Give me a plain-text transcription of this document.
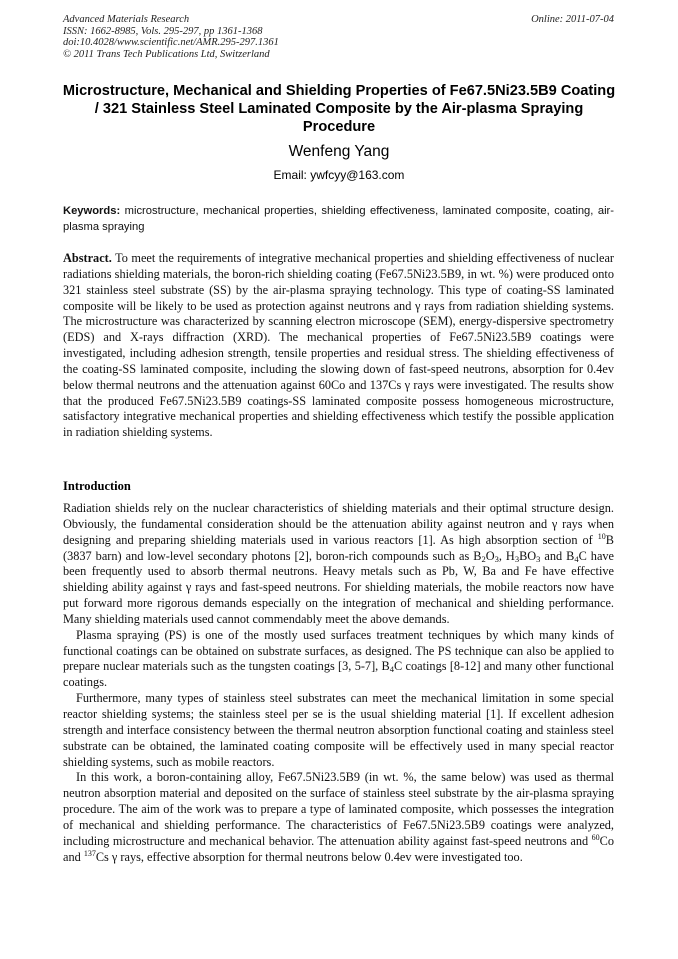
Advanced Materials Research
ISSN: 1662-8985, Vols. 295-297, pp 1361-1368
doi:10.4028/www.scientific.net/AMR.295-297.1361
© 2011 Trans Tech Publications Ltd, Switzerland
Online: 2011-07-04
Microstructure, Mechanical and Shielding Properties of Fe67.5Ni23.5B9 Coating / 321 Stainless Steel Laminated Composite by the Air-plasma Spraying Procedure
Wenfeng Yang
Email: ywfcyy@163.com
Keywords: microstructure, mechanical properties, shielding effectiveness, laminated composite, coating, air-plasma spraying
Abstract. To meet the requirements of integrative mechanical properties and shielding effectiveness of nuclear radiations shielding materials, the boron-rich shielding coating (Fe67.5Ni23.5B9, in wt. %) were produced onto 321 stainless steel substrate (SS) by the air-plasma spraying technology. This type of coating-SS laminated composite will be likely to be used as protection against neutrons and γ rays from radiation shielding systems. The microstructure was characterized by scanning electron microscope (SEM), energy-dispersive spectrometry (EDS) and X-rays diffraction (XRD). The mechanical properties of Fe67.5Ni23.5B9 coatings were investigated, including adhesion strength, tensile properties and residual stress. The shielding effectiveness of the coating-SS laminated composite, including the slowing down of fast-speed neutrons, absorption for 0.4ev below thermal neutrons and the attenuation against 60Co and 137Cs γ rays were investigated. The results show that the produced Fe67.5Ni23.5B9 coatings-SS laminated composite possess homogeneous microstructure, satisfactory integrative mechanical properties and shielding effectiveness which testify the possible application in radiation shielding systems.
Introduction

Radiation shields rely on the nuclear characteristics of shielding materials and their optimal structure design. Obviously, the fundamental consideration should be the attenuation ability against neutron and γ rays when designing and preparing shielding materials used in various reactors [1]. As high absorption section of $^{10}$B (3837 barn) and low-level secondary photons [2], boron-rich compounds such as $B_2O_3$, $H_3BO_3$ and $B_4C$ have been frequently used to absorb thermal neutrons. Heavy metals such as Pb, W, Ba and Fe have effective shielding ability against γ rays and fast-speed neutrons. For shielding materials, the mobile reactors now have put forward more rigorous demands especially on the integration of mechanical and shielding performance. Many shielding materials used cannot commendably meet the above demands.

Plasma spraying (PS) is one of the mostly used surfaces treatment techniques by which many kinds of functional coatings can be obtained on substrate surfaces, as designed. The PS technique can also be applied to prepare nuclear materials such as the tungsten coatings [3, 5-7], $B_4C$ coatings [8-12] and many other functional coatings.

Furthermore, many types of stainless steel substrates can meet the mechanical limitation in some special reactor shielding systems; the stainless steel per se is the usual shielding material [1]. If excellent adhesion strength and interface consistency between the thermal neutron absorption functional coating and stainless steel substrate can be obtained, the laminated coating composite will be effectively used in many special reactor shielding systems, such as mobile reactors.

In this work, a boron-containing alloy, Fe67.5Ni23.5B9 (in wt. %, the same below) was used as thermal neutron absorption material and deposited on the surface of stainless steel substrate by the air-plasma spraying procedure. The aim of the work was to prepare a type of laminated composite, which possesses the integration of mechanical and shielding performance. The characteristics of Fe67.5Ni23.5B9 coatings were analyzed, including microstructure and mechanical behavior. The attenuation ability against fast-speed neutrons and $^{60}$Co and $^{137}$Cs γ rays, effective absorption for thermal neutrons below 0.4ev were investigated too.
